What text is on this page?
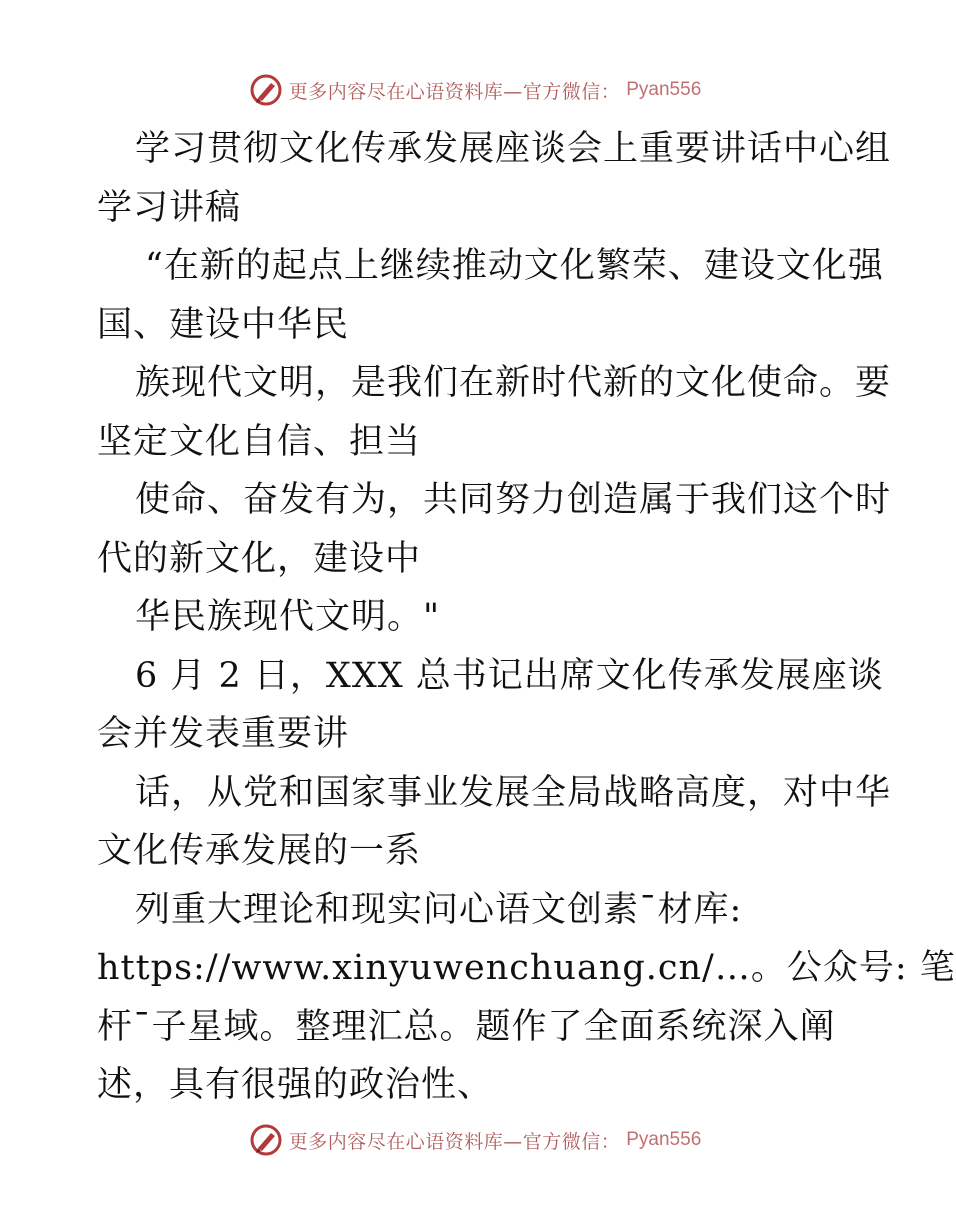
更多内容尽在心语资料库—官方微信： Pyan556
学习贯彻文化传承发展座谈会上重要讲话中心组
学习讲稿
“在新的起点上继续推动文化繁荣、建设文化强
国、建设中华民
族现代文明，是我们在新时代新的文化使命。要
坚定文化自信、担当
使命、奋发有为，共同努力创造属于我们这个时
代的新文化，建设中
华民族现代文明。"
6 月 2 日，XXX 总书记出席文化传承发展座谈
会并发表重要讲
话，从党和国家事业发展全局战略高度，对中华
文化传承发展的一系
列重大理论和现实问心语文创素¯材库:
https://www.xinyuwenchuang.cn/…。公众号: 笔
杆¯子星域。整理汇总。题作了全面系统深入阐
述，具有很强的政治性、
更多内容尽在心语资料库—官方微信： Pyan556
